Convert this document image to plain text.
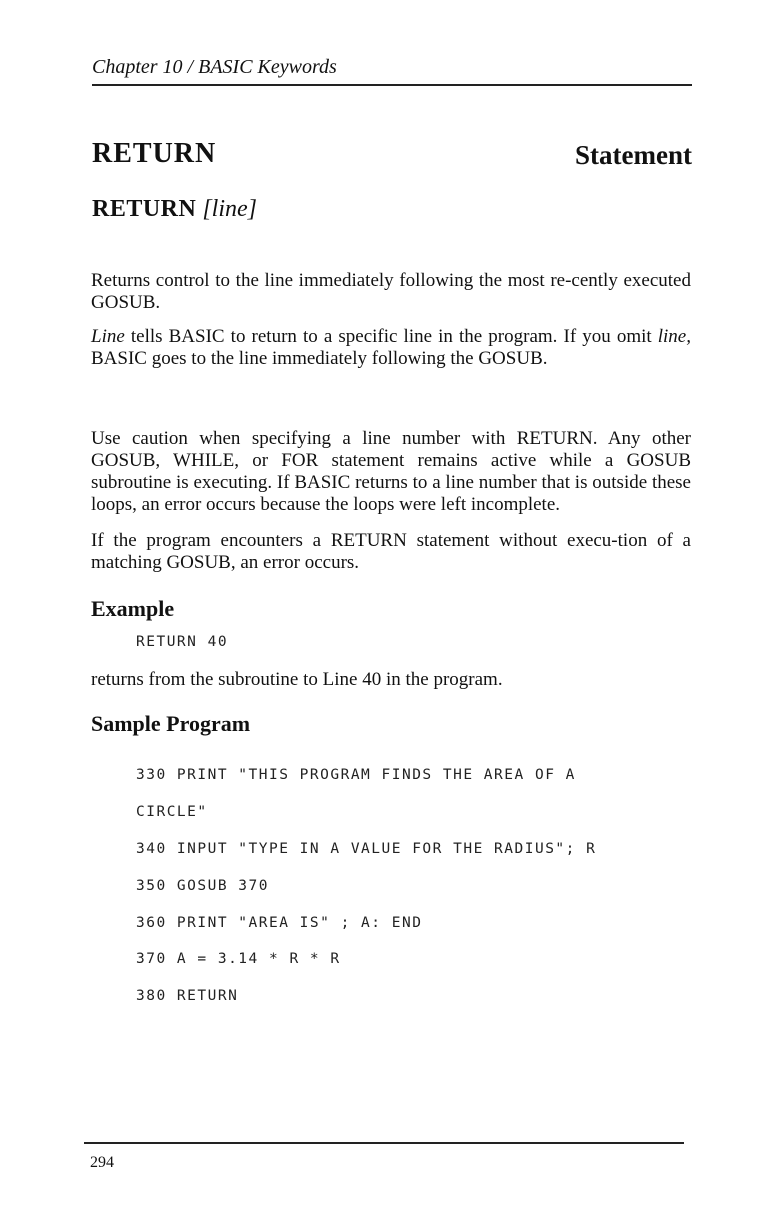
Chapter 10 / BASIC Keywords
RETURN	Statement
RETURN [line]
Returns control to the line immediately following the most re-cently executed GOSUB.
Line tells BASIC to return to a specific line in the program. If you omit line, BASIC goes to the line immediately following the GOSUB.
Use caution when specifying a line number with RETURN. Any other GOSUB, WHILE, or FOR statement remains active while a GOSUB subroutine is executing. If BASIC returns to a line number that is outside these loops, an error occurs because the loops were left incomplete.
If the program encounters a RETURN statement without execu-tion of a matching GOSUB, an error occurs.
Example
RETURN 40
returns from the subroutine to Line 40 in the program.
Sample Program

330 PRINT "THIS PROGRAM FINDS THE AREA OF A

CIRCLE"

340 INPUT "TYPE IN A VALUE FOR THE RADIUS"; R

350 GOSUB 370

360 PRINT "AREA IS" ; A: END

370 A = 3.14 * R * R

380 RETURN

294
